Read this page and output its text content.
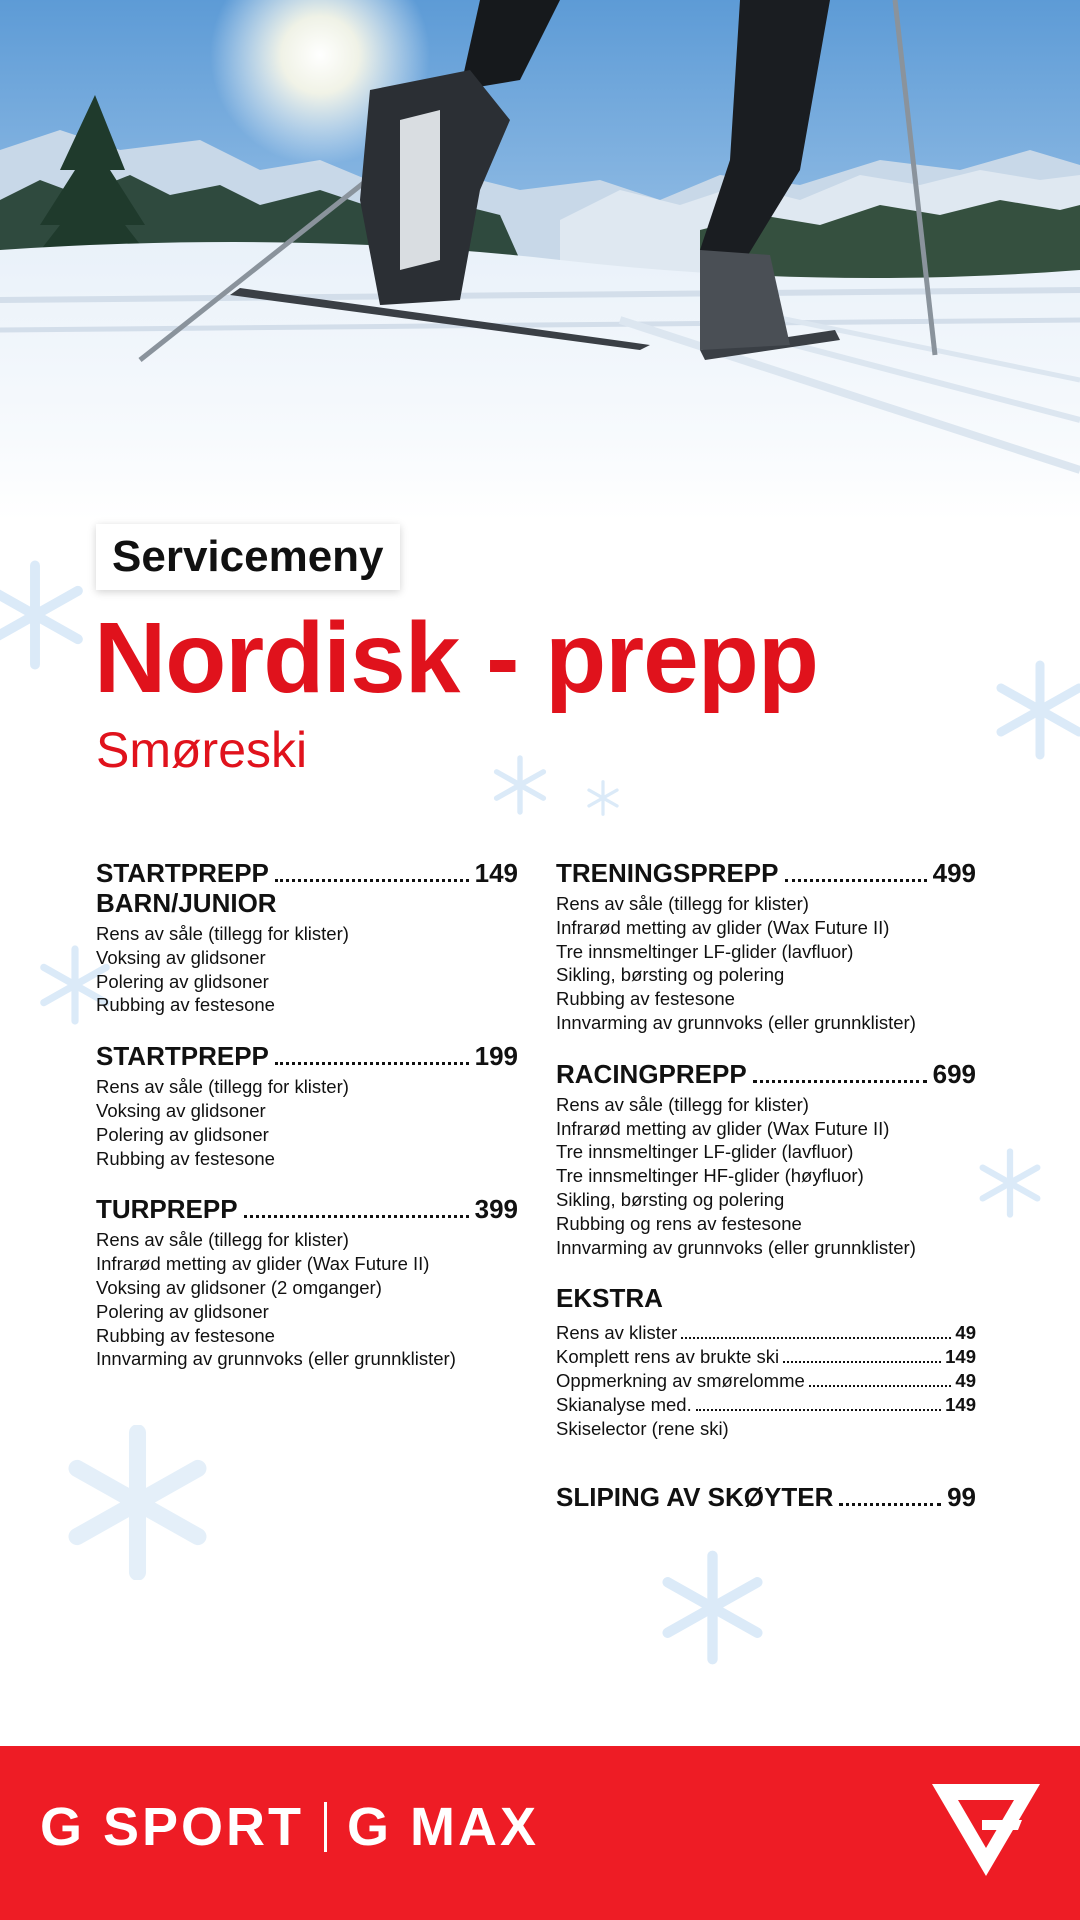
Servicemeny
Nordisk - prepp
Smøreski
STARTPREPP	149
BARN/JUNIOR
Rens av såle (tillegg for klister)
Voksing av glidsoner
Polering av glidsoner
Rubbing av festesone
STARTPREPP	199
Rens av såle (tillegg for klister)
Voksing av glidsoner
Polering av glidsoner
Rubbing av festesone
TURPREPP	399
Rens av såle (tillegg for klister)
Infrarød metting av glider (Wax Future II)
Voksing av glidsoner (2 omganger)
Polering av glidsoner
Rubbing av festesone
Innvarming av grunnvoks (eller grunnklister)
TRENINGSPREPP	499
Rens av såle (tillegg for klister)
Infrarød metting av glider (Wax Future II)
Tre innsmeltinger LF-glider (lavfluor)
Sikling, børsting og polering
Rubbing av festesone
Innvarming av grunnvoks (eller grunnklister)
RACINGPREPP	699
Rens av såle (tillegg for klister)
Infrarød metting av glider (Wax Future II)
Tre innsmeltinger LF-glider (lavfluor)
Tre innsmeltinger HF-glider (høyfluor)
Sikling, børsting og polering
Rubbing og rens av festesone
Innvarming av grunnvoks (eller grunnklister)
EKSTRA
Rens av klister	49
Komplett rens av brukte ski	149
Oppmerkning av smørelomme	49
Skianalyse med.	149
Skiselector (rene ski)
SLIPING AV SKØYTER	99
G SPORT G MAX
